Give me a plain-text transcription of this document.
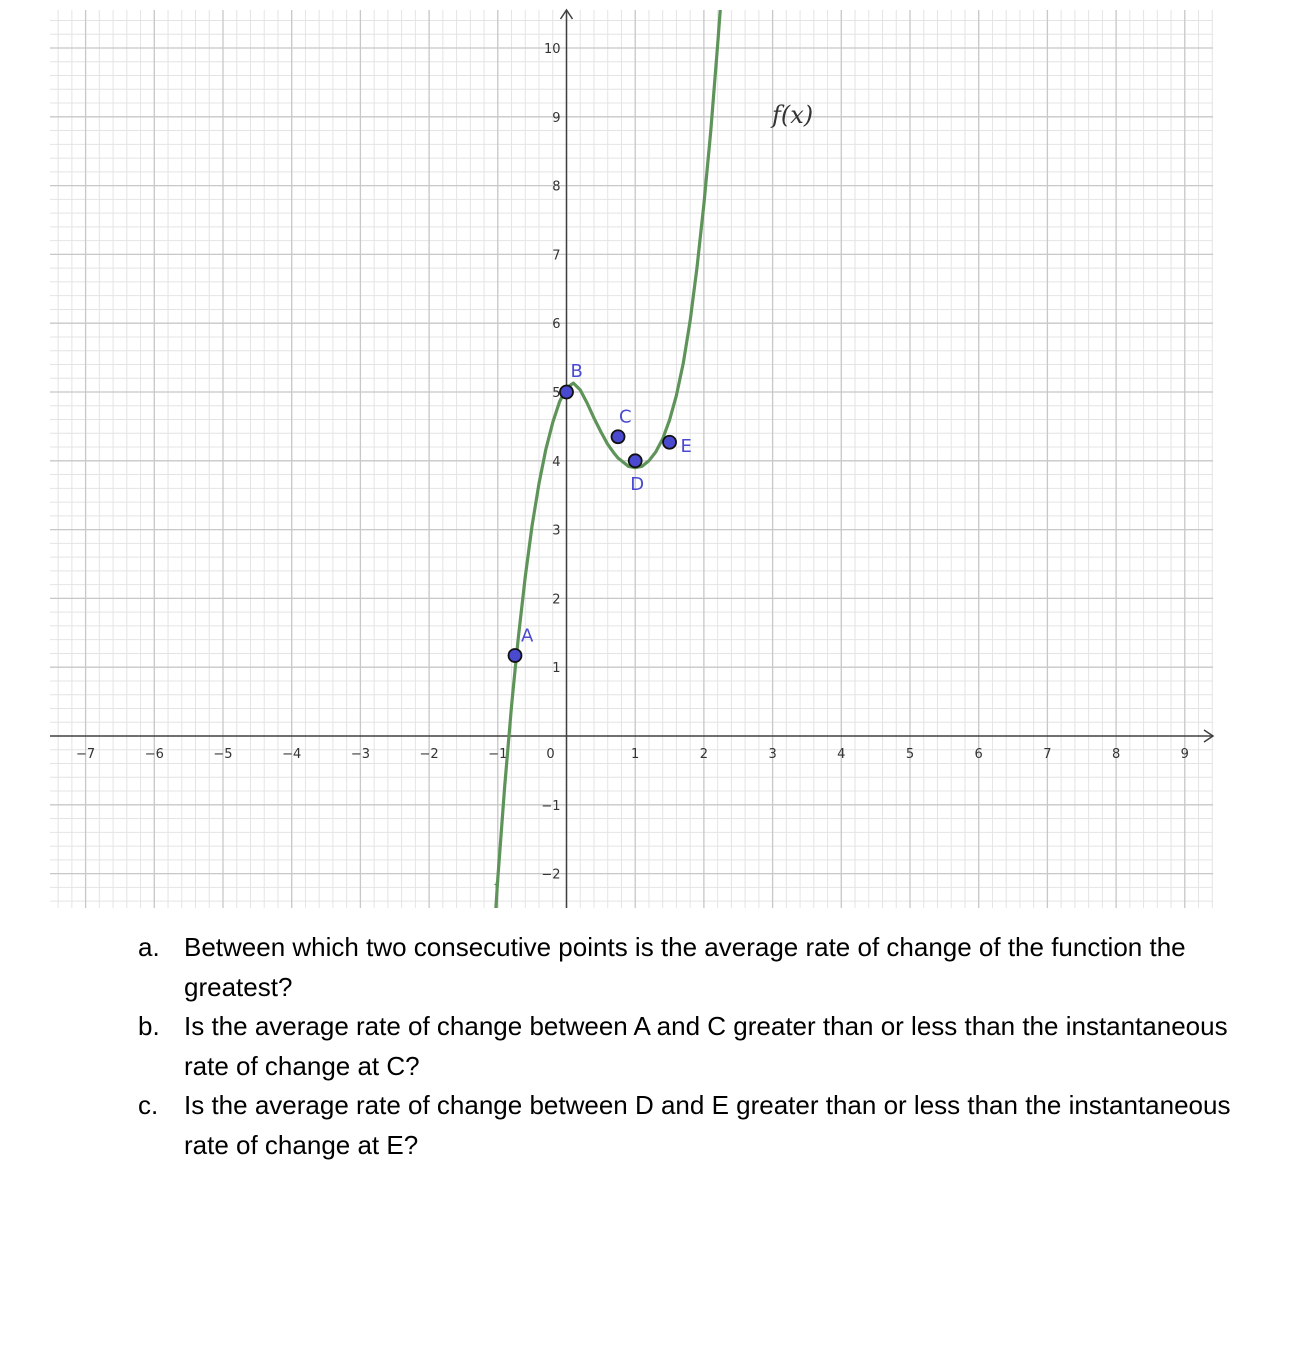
−7	−6	−5	−4	−3	−2	−1	0	1	2	3	4	5	6	7	8	9
−2
−1
1
2
3
4
5
6
7
8
9
10
f
f(x)
A
B
C
D
E
a. Between which two consecutive points is the average rate of change of the function the greatest?
b. Is the average rate of change between A and C greater than or less than the instantaneous rate of change at C?
c. Is the average rate of change between D and E greater than or less than the instantaneous rate of change at E?
